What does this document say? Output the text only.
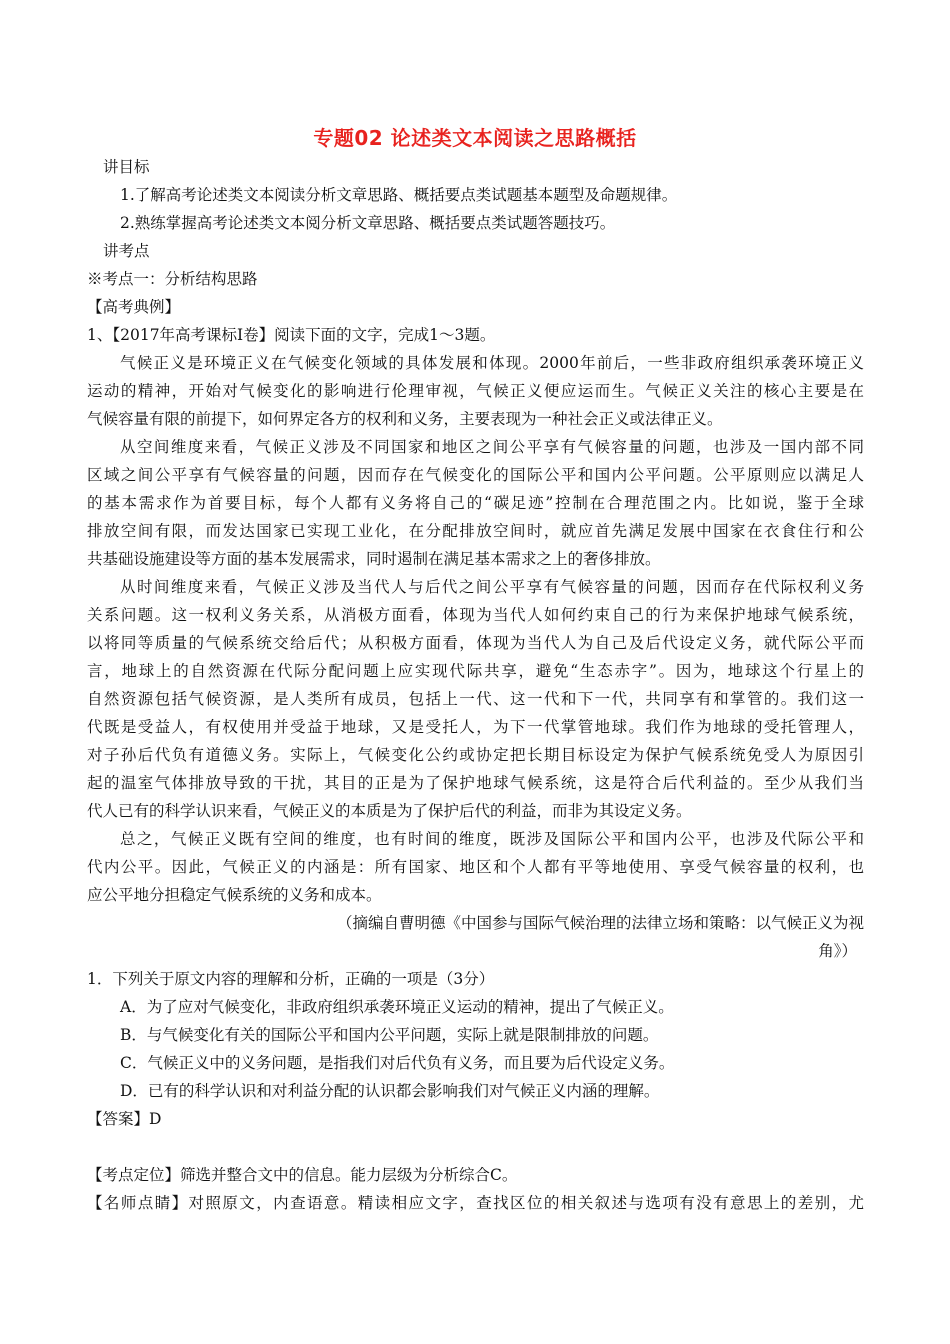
专题02 论述类文本阅读之思路概括
讲目标
1.了解高考论述类文本阅读分析文章思路、概括要点类试题基本题型及命题规律。
2.熟练掌握高考论述类文本阅分析文章思路、概括要点类试题答题技巧。
讲考点
※考点一：分析结构思路
【高考典例】
1、【2017年高考课标Ⅰ卷】阅读下面的文字，完成1～3题。
气候正义是环境正义在气候变化领域的具体发展和体现。2000年前后，一些非政府组织承袭环境正义
运动的精神，开始对气候变化的影响进行伦理审视，气候正义便应运而生。气候正义关注的核心主要是在
气候容量有限的前提下，如何界定各方的权利和义务，主要表现为一种社会正义或法律正义。
从空间维度来看，气候正义涉及不同国家和地区之间公平享有气候容量的问题，也涉及一国内部不同
区域之间公平享有气候容量的问题，因而存在气候变化的国际公平和国内公平问题。公平原则应以满足人
的基本需求作为首要目标，每个人都有义务将自己的“碳足迹”控制在合理范围之内。比如说，鉴于全球
排放空间有限，而发达国家已实现工业化，在分配排放空间时，就应首先满足发展中国家在衣食住行和公
共基础设施建设等方面的基本发展需求，同时遏制在满足基本需求之上的奢侈排放。
从时间维度来看，气候正义涉及当代人与后代之间公平享有气候容量的问题，因而存在代际权利义务
关系问题。这一权利义务关系，从消极方面看，体现为当代人如何约束自己的行为来保护地球气候系统，
以将同等质量的气候系统交给后代；从积极方面看，体现为当代人为自己及后代设定义务，就代际公平而
言，地球上的自然资源在代际分配问题上应实现代际共享，避免“生态赤字”。因为，地球这个行星上的
自然资源包括气候资源，是人类所有成员，包括上一代、这一代和下一代，共同享有和掌管的。我们这一
代既是受益人，有权使用并受益于地球，又是受托人，为下一代掌管地球。我们作为地球的受托管理人，
对子孙后代负有道德义务。实际上，气候变化公约或协定把长期目标设定为保护气候系统免受人为原因引
起的温室气体排放导致的干扰，其目的正是为了保护地球气候系统，这是符合后代利益的。至少从我们当
代人已有的科学认识来看，气候正义的本质是为了保护后代的利益，而非为其设定义务。
总之，气候正义既有空间的维度，也有时间的维度，既涉及国际公平和国内公平，也涉及代际公平和
代内公平。因此，气候正义的内涵是：所有国家、地区和个人都有平等地使用、享受气候容量的权利，也
应公平地分担稳定气候系统的义务和成本。
（摘编自曹明德《中国参与国际气候治理的法律立场和策略：以气候正义为视
角》）
1．下列关于原文内容的理解和分析，正确的一项是（3分）
A．为了应对气候变化，非政府组织承袭环境正义运动的精神，提出了气候正义。
B．与气候变化有关的国际公平和国内公平问题，实际上就是限制排放的问题。
C．气候正义中的义务问题，是指我们对后代负有义务，而且要为后代设定义务。
D．已有的科学认识和对利益分配的认识都会影响我们对气候正义内涵的理解。
【答案】D
【考点定位】筛选并整合文中的信息。能力层级为分析综合C。
【名师点睛】对照原文，内查语意。精读相应文字，查找区位的相关叙述与选项有没有意思上的差别，尤
